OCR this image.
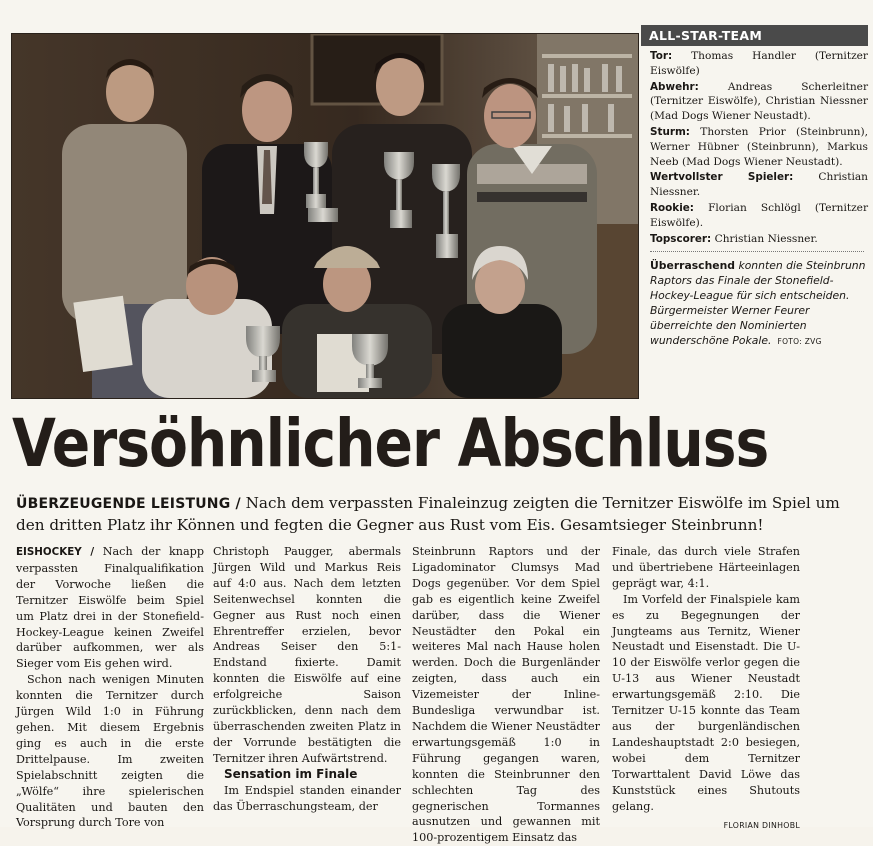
ALL-STAR-TEAM
Tor: Thomas Handler (Ternitzer Eiswölfe)
Abwehr:	Andreas Scherleitner (Ternitzer Eiswölfe), Christian Niessner (Mad Dogs Wiener Neustadt).
Sturm: Thorsten Prior (Steinbrunn), Werner Hübner (Steinbrunn), Markus Neeb (Mad Dogs Wiener Neustadt).
Wertvollster Spieler: Christian Niessner.
Rookie: Florian Schlögl (Ternitzer Eiswölfe).
Topscorer: Christian Niessner.
Überraschend konnten die Steinbrunn Raptors das Finale der Stonefield-Hockey-League für sich entscheiden. Bürgermeister Werner Feurer überreichte den Nominierten wunderschöne Pokale. FOTO: ZVG
Versöhnlicher Abschluss
ÜBERZEUGENDE LEISTUNG / Nach dem verpassten Finaleinzug zeigten die Ternitzer Eiswölfe im Spiel um den dritten Platz ihr Können und fegten die Gegner aus Rust vom Eis. Gesamtsieger Steinbrunn!

EISHOCKEY / Nach der knapp verpassten Finalqualifikation der Vorwoche ließen die Ternitzer Eiswölfe beim Spiel um Platz drei in der Stonefield-Hockey-League keinen Zweifel darüber aufkommen, wer als Sieger vom Eis gehen wird.

Schon nach wenigen Minuten konnten die Ternitzer durch Jürgen Wild 1:0 in Führung gehen. Mit diesem Ergebnis ging es auch in die erste Drittelpause. Im zweiten Spielabschnitt zeigten die „Wölfe“ ihre spielerischen Qualitäten und bauten den Vorsprung durch Tore von

Christoph Paugger, abermals Jürgen Wild und Markus Reis auf 4:0 aus. Nach dem letzten Seitenwechsel konnten die Gegner aus Rust noch einen Ehrentreffer erzielen, bevor Andreas Seiser den 5:1-Endstand fixierte. Damit konnten die Eiswölfe auf eine erfolgreiche Saison zurückblicken, denn nach dem überraschenden zweiten Platz in der Vorrunde bestätigten die Ternitzer ihren Aufwärtstrend.

Sensation im Finale

Im Endspiel standen einander das Überraschungsteam, der

Steinbrunn Raptors und der Ligadominator Clumsys Mad Dogs gegenüber. Vor dem Spiel gab es eigentlich keine Zweifel darüber, dass die Wiener Neustädter den Pokal ein weiteres Mal nach Hause holen werden. Doch die Burgenländer zeigten, dass auch ein Vizemeister der Inline-Bundesliga verwundbar ist. Nachdem die Wiener Neustädter erwartungsgemäß 1:0 in Führung gegangen waren, konnten die Steinbrunner den schlechten Tag des gegnerischen Tormannes ausnutzen und gewannen mit 100-prozentigem Einsatz das

Finale, das durch viele Strafen und übertriebene Härteeinlagen geprägt war, 4:1.

Im Vorfeld der Finalspiele kam es zu Begegnungen der Jungteams aus Ternitz, Wiener Neustadt und Eisenstadt. Die U-10 der Eiswölfe verlor gegen die U-13 aus Wiener Neustadt erwartungsgemäß 2:10. Die Ternitzer U-15 konnte das Team aus der burgenländischen Landeshauptstadt 2:0 besiegen, wobei dem Ternitzer Torwarttalent David Löwe das Kunststück eines Shutouts gelang.

FLORIAN DINHOBL
